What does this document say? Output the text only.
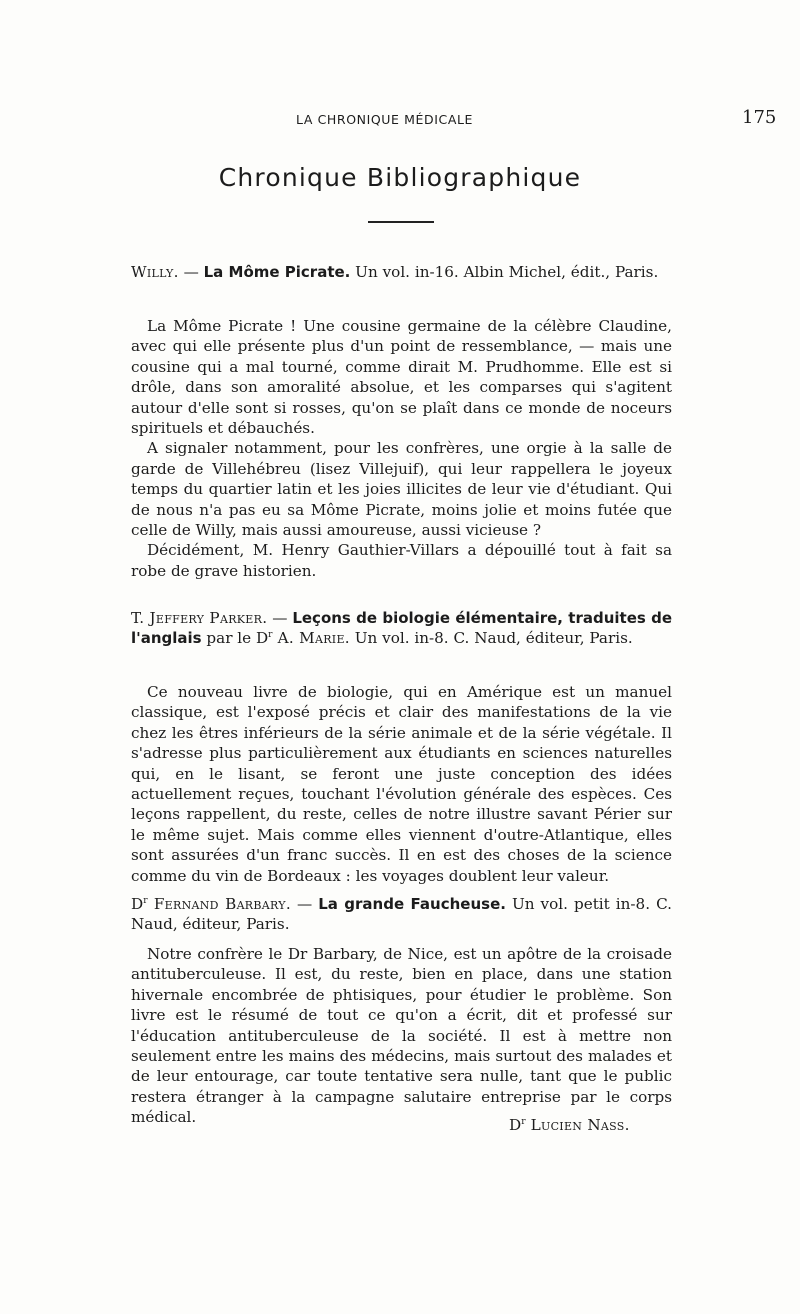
LA CHRONIQUE MÉDICALE	175
Chronique Bibliographique

Willy. — La Môme Picrate. Un vol. in-16. Albin Michel, édit., Paris.

La Môme Picrate ! Une cousine germaine de la célèbre Claudine, avec qui elle présente plus d'un point de ressemblance, — mais une cousine qui a mal tourné, comme dirait M. Prudhomme. Elle est si drôle, dans son amoralité absolue, et les comparses qui s'agitent autour d'elle sont si rosses, qu'on se plaît dans ce monde de noceurs spirituels et débauchés.

A signaler notamment, pour les confrères, une orgie à la salle de garde de Villehébreu (lisez Villejuif), qui leur rappellera le joyeux temps du quartier latin et les joies illicites de leur vie d'étudiant. Qui de nous n'a pas eu sa Môme Picrate, moins jolie et moins futée que celle de Willy, mais aussi amoureuse, aussi vicieuse ?

Décidément, M. Henry Gauthier-Villars a dépouillé tout à fait sa robe de grave historien.

T. Jeffery Parker. — Leçons de biologie élémentaire, traduites de l'anglais par le $D^r$ A. Marie. Un vol. in-8. C. Naud, éditeur, Paris.

Ce nouveau livre de biologie, qui en Amérique est un manuel classique, est l'exposé précis et clair des manifestations de la vie chez les êtres inférieurs de la série animale et de la série végétale. Il s'adresse plus particulièrement aux étudiants en sciences naturelles qui, en le lisant, se feront une juste conception des idées actuellement reçues, touchant l'évolution générale des espèces. Ces leçons rappellent, du reste, celles de notre illustre savant Périer sur le même sujet. Mais comme elles viennent d'outre-Atlantique, elles sont assurées d'un franc succès. Il en est des choses de la science comme du vin de Bordeaux : les voyages doublent leur valeur.

$D^r$ Fernand Barbary. — La grande Faucheuse. Un vol. petit in-8. C. Naud, éditeur, Paris.

Notre confrère le Dr Barbary, de Nice, est un apôtre de la croisade antituberculeuse. Il est, du reste, bien en place, dans une station hivernale encombrée de phtisiques, pour étudier le problème. Son livre est le résumé de tout ce qu'on a écrit, dit et professé sur l'éducation antituberculeuse de la société. Il est à mettre non seulement entre les mains des médecins, mais surtout des malades et de leur entourage, car toute tentative sera nulle, tant que le public restera étranger à la campagne salutaire entreprise par le corps médical.	$D^r$ Lucien Nass.
